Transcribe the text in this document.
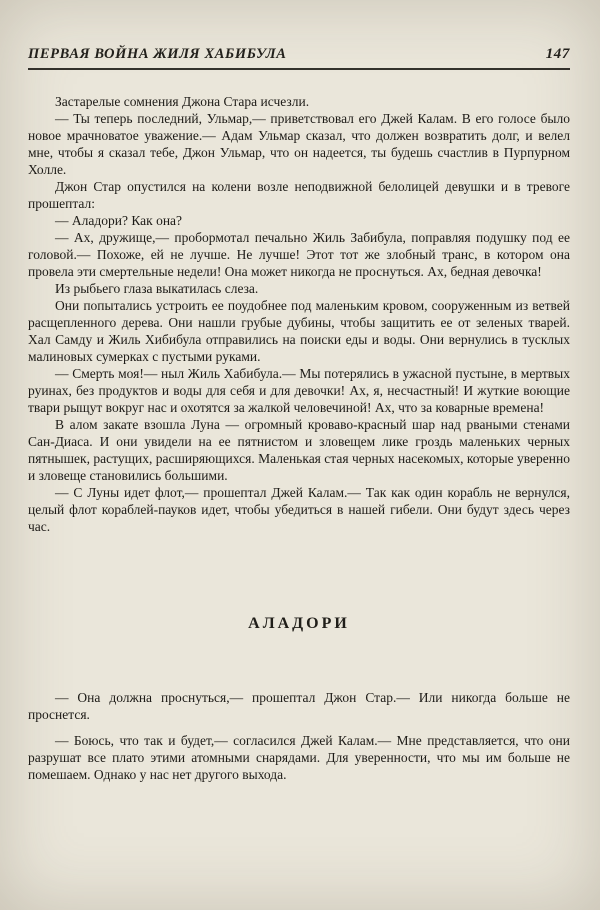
ПЕРВАЯ ВОЙНА ЖИЛЯ ХАБИБУЛА	147

Застарелые сомнения Джона Стара исчезли.

— Ты теперь последний, Ульмар,— приветствовал его Джей Калам. В его голосе было новое мрачноватое уважение.— Адам Ульмар сказал, что должен возвратить долг, и велел мне, чтобы я сказал тебе, Джон Ульмар, что он надеется, ты будешь счастлив в Пурпурном Холле.

Джон Стар опустился на колени возле неподвижной белолицей девушки и в тревоге прошептал:

— Аладори? Как она?

— Ах, дружище,— пробормотал печально Жиль Забибула, поправляя подушку под ее головой.— Похоже, ей не лучше. Не лучше! Этот тот же злобный транс, в котором она провела эти смертельные недели! Она может никогда не проснуться. Ах, бедная девочка!

Из рыбьего глаза выкатилась слеза.

Они попытались устроить ее поудобнее под маленьким кровом, сооруженным из ветвей расщепленного дерева. Они нашли грубые дубины, чтобы защитить ее от зеленых тварей. Хал Самду и Жиль Хибибула отправились на поиски еды и воды. Они вернулись в тусклых малиновых сумерках с пустыми руками.

— Смерть моя!— ныл Жиль Хабибула.— Мы потерялись в ужасной пустыне, в мертвых руинах, без продуктов и воды для себя и для девочки! Ах, я, несчастный! И жуткие воющие твари рыщут вокруг нас и охотятся за жалкой человечиной! Ах, что за коварные времена!

В алом закате взошла Луна — огромный кроваво-красный шар над рваными стенами Сан-Диаса. И они увидели на ее пятнистом и зловещем лике гроздь маленьких черных пятнышек, растущих, расширяющихся. Маленькая стая черных насекомых, которые уверенно и зловеще становились большими.

— С Луны идет флот,— прошептал Джей Калам.— Так как один корабль не вернулся, целый флот кораблей-пауков идет, чтобы убедиться в нашей гибели. Они будут здесь через час.

АЛАДОРИ

— Она должна проснуться,— прошептал Джон Стар.— Или никогда больше не проснется.

— Боюсь, что так и будет,— согласился Джей Калам.— Мне представляется, что они разрушат все плато этими атомными снарядами. Для уверенности, что мы им больше не помешаем. Однако у нас нет другого выхода.
